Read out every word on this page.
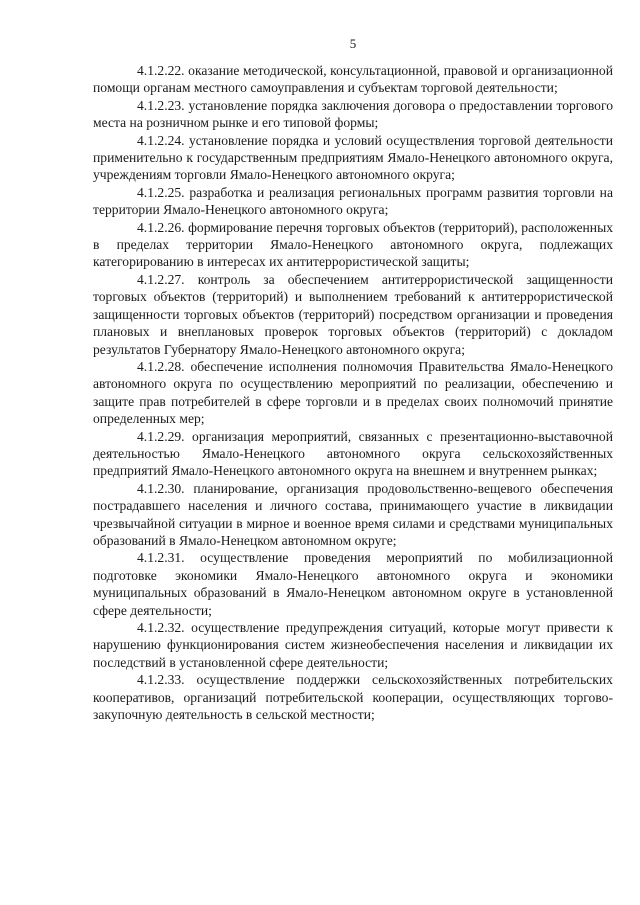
5

4.1.2.22. оказание методической, консультационной, правовой и организационной помощи органам местного самоуправления и субъектам торговой деятельности;

4.1.2.23. установление порядка заключения договора о предоставлении торгового места на розничном рынке и его типовой формы;

4.1.2.24. установление порядка и условий осуществления торговой деятельности применительно к государственным предприятиям Ямало-Ненецкого автономного округа, учреждениям торговли Ямало-Ненецкого автономного округа;

4.1.2.25. разработка и реализация региональных программ развития торговли на территории Ямало-Ненецкого автономного округа;

4.1.2.26. формирование перечня торговых объектов (территорий), расположенных в пределах территории Ямало-Ненецкого автономного округа, подлежащих категорированию в интересах их антитеррористической защиты;

4.1.2.27. контроль за обеспечением антитеррористической защищенности торговых объектов (территорий) и выполнением требований к антитеррористической защищенности торговых объектов (территорий) посредством организации и проведения плановых и внеплановых проверок торговых объектов (территорий) с докладом результатов Губернатору Ямало-Ненецкого автономного округа;

4.1.2.28. обеспечение исполнения полномочия Правительства Ямало-Ненецкого автономного округа по осуществлению мероприятий по реализации, обеспечению и защите прав потребителей в сфере торговли и в пределах своих полномочий принятие определенных мер;

4.1.2.29. организация мероприятий, связанных с презентационно-выставочной деятельностью Ямало-Ненецкого автономного округа сельскохозяйственных предприятий Ямало-Ненецкого автономного округа на внешнем и внутреннем рынках;

4.1.2.30. планирование, организация продовольственно-вещевого обеспечения пострадавшего населения и личного состава, принимающего участие в ликвидации чрезвычайной ситуации в мирное и военное время силами и средствами муниципальных образований в Ямало-Ненецком автономном округе;

4.1.2.31. осуществление проведения мероприятий по мобилизационной подготовке экономики Ямало-Ненецкого автономного округа и экономики муниципальных образований в Ямало-Ненецком автономном округе в установленной сфере деятельности;

4.1.2.32. осуществление предупреждения ситуаций, которые могут привести к нарушению функционирования систем жизнеобеспечения населения и ликвидации их последствий в установленной сфере деятельности;

4.1.2.33. осуществление поддержки сельскохозяйственных потребительских кооперативов, организаций потребительской кооперации, осуществляющих торгово-закупочную деятельность в сельской местности;
